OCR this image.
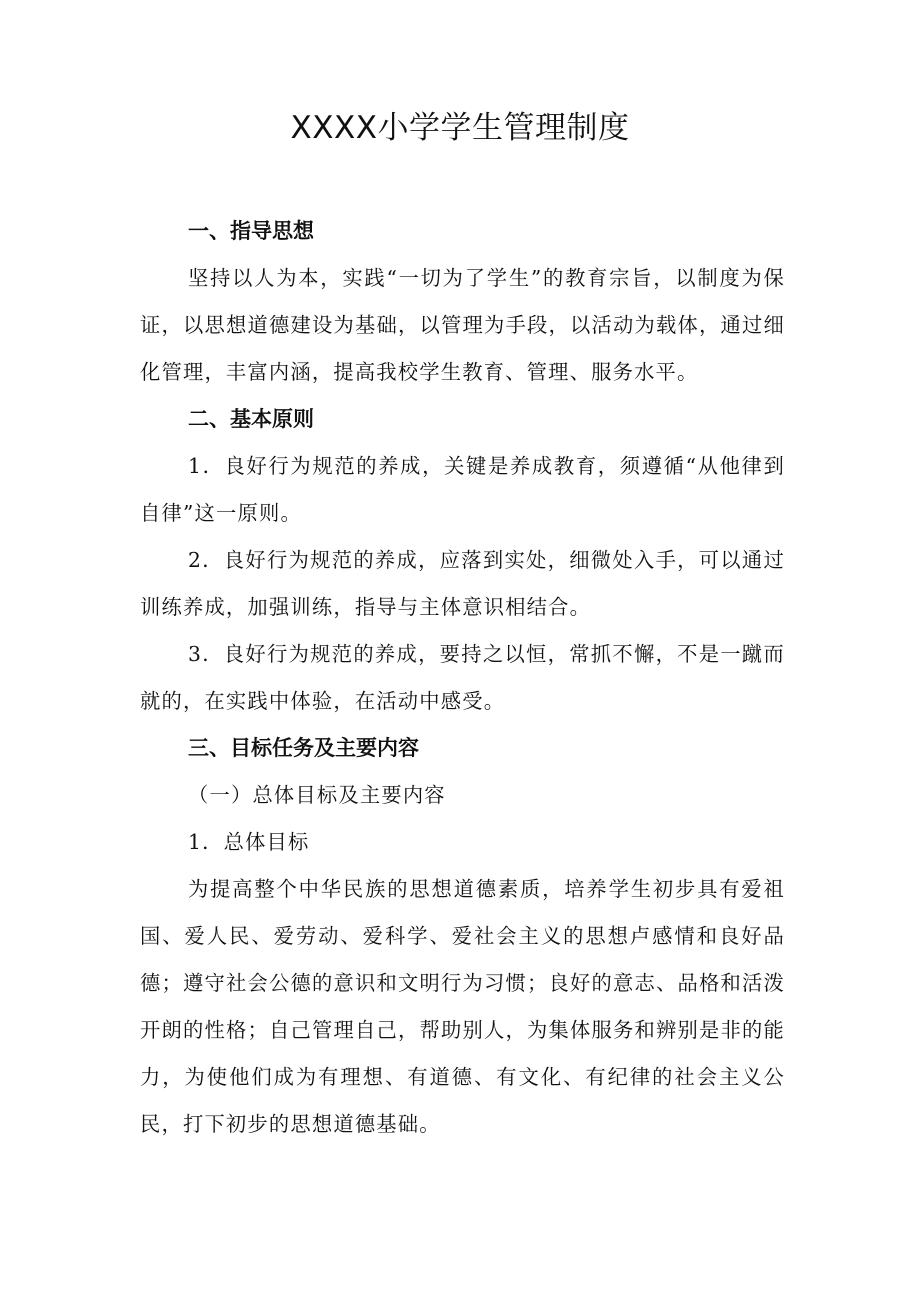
XXXX小学学生管理制度
一、指导思想
坚持以人为本，实践“一切为了学生”的教育宗旨，以制度为保证，以思想道德建设为基础，以管理为手段，以活动为载体，通过细化管理，丰富内涵，提高我校学生教育、管理、服务水平。
二、基本原则
1．良好行为规范的养成，关键是养成教育，须遵循“从他律到自律”这一原则。
2．良好行为规范的养成，应落到实处，细微处入手，可以通过训练养成，加强训练，指导与主体意识相结合。
3．良好行为规范的养成，要持之以恒，常抓不懈，不是一蹴而就的，在实践中体验，在活动中感受。
三、目标任务及主要内容
（一）总体目标及主要内容
1．总体目标
为提高整个中华民族的思想道德素质，培养学生初步具有爱祖国、爱人民、爱劳动、爱科学、爱社会主义的思想卢感情和良好品德；遵守社会公德的意识和文明行为习惯；良好的意志、品格和活泼开朗的性格；自己管理自己，帮助别人，为集体服务和辨别是非的能力，为使他们成为有理想、有道德、有文化、有纪律的社会主义公民，打下初步的思想道德基础。
